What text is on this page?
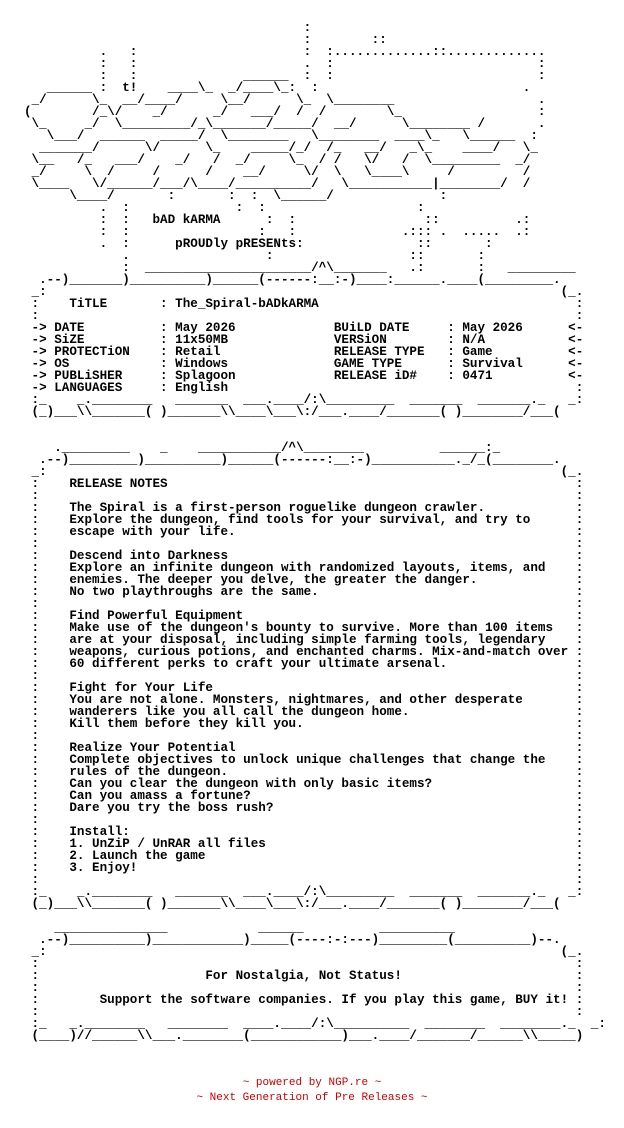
:
:        ::
.   :                      :  :.............::.............
:   :                      .  :                           :
:   :              ______  :  :                           :
______ :  t!    ____\_  _/____\_:  :                           .
_/      \_  __/____/     \__/      \_  \________                   .
(        /_\/    _/      _/   ___/  /  /        \_                  :
\_     _/  \_________/_\_______/_____/  __/      \________ /       .
\___/  ______  _____/  \________   \________  ____\_   \______  :
_______/      \/      \_    _____/_/  /_   __/   _\_    ____/   \_
\__   /_   ___/    _/   /  _/     \_  / /   \/   /  \_________  _/
_/     \  /     /      /    __/     \/  \   \____\     /         /
\____   \/______/___/\____/__________/   \___________|________/  /
\____/       :       :  :  \______/              :
.  :              :  :                    :
:  :   bAD kARMA      :  :                 ::          .:
:  :                 :   :              .::: .  .....  .:
.  :      pROUDly pRESENts:               ::       :
.                  :                  ::       :
:  ______________________/^\_______   .:       :   _________
.--)_______)__________)______(------:__:-)____:______.____(_________.
_:                                                                    (_.
:    TiTLE       : The_Spiral-bADkARMA                                  :
:                                                                       :
-> DATE          : May 2026             BUiLD DATE     : May 2026      <-
-> SiZE          : 11x50MB              VERSiON        : N/A           <-
-> PROTECTiON    : Retail               RELEASE TYPE   : Game          <-
-> OS            : Windows              GAME TYPE      : Survival      <-
-> PUBLiSHER     : Splagoon             RELEASE iD#    : 0471          <-
-> LANGUAGES     : English                                              :
:_    _.________   _______  ___.____/:\_________  _______  _______._   _:
(_)___\\_______( )_______\\____\___\:/___.____/_______( )________/___(

._________    _    ___________/^\________          ______:_
.--)_________)__________)______(------:__:-)___________._/_(________.
_:                                                                    (_.
:    RELEASE NOTES                                                      :
:                                                                       :
:    The Spiral is a first-person roguelike dungeon crawler.            :
:    Explore the dungeon, find tools for your survival, and try to      :
:    escape with your life.                                             :
:                                                                       :
:    Descend into Darkness                                              :
:    Explore an infinite dungeon with randomized layouts, items, and    :
:    enemies. The deeper you delve, the greater the danger.             :
:    No two playthroughs are the same.                                  :
:                                                                       :
:    Find Powerful Equipment                                            :
:    Make use of the dungeon's bounty to survive. More than 100 items   :
:    are at your disposal, including simple farming tools, legendary    :
:    weapons, curious potions, and enchanted charms. Mix-and-match over :
:    60 different perks to craft your ultimate arsenal.                 :
:                                                                       :
:    Fight for Your Life                                                :
:    You are not alone. Monsters, nightmares, and other desperate       :
:    wanderers like you all call the dungeon home.                      :
:    Kill them before they kill you.                                    :
:                                                                       :
:    Realize Your Potential                                             :
:    Complete objectives to unlock unique challenges that change the    :
:    rules of the dungeon.                                              :
:    Can you clear the dungeon with only basic items?                   :
:    Can you amass a fortune?                                           :
:    Dare you try the boss rush?                                        :
:                                                                       :
:    Install:                                                           :
:    1. UnZiP / UnRAR all files                                         :
:    2. Launch the game                                                 :
:    3. Enjoy!                                                          :
:                                                                       :
:_    _.________   _______  ___.____/:\_________  _______  _______._   _:
(_)___\\_______( )_______\\____\___\:/___.____/_______( )________/___(

_______________            ______          __________
.--)__________)____________)_____(----:-:---)_________(__________)--.
_:                                                                    (_.
:                                                                       :
:                      For Nostalgia, Not Status!                       :
:                                                                       :
:        Support the software companies. If you play this game, BUY it! :
:                                                                       :
:_   _.________   ________  ____.____/:\__________  ________  ________._  _:
(____)//______\\___.________(____________)___.____/_______/______\\_____)
~ powered by NGP.re ~
~ Next Generation of Pre Releases ~
